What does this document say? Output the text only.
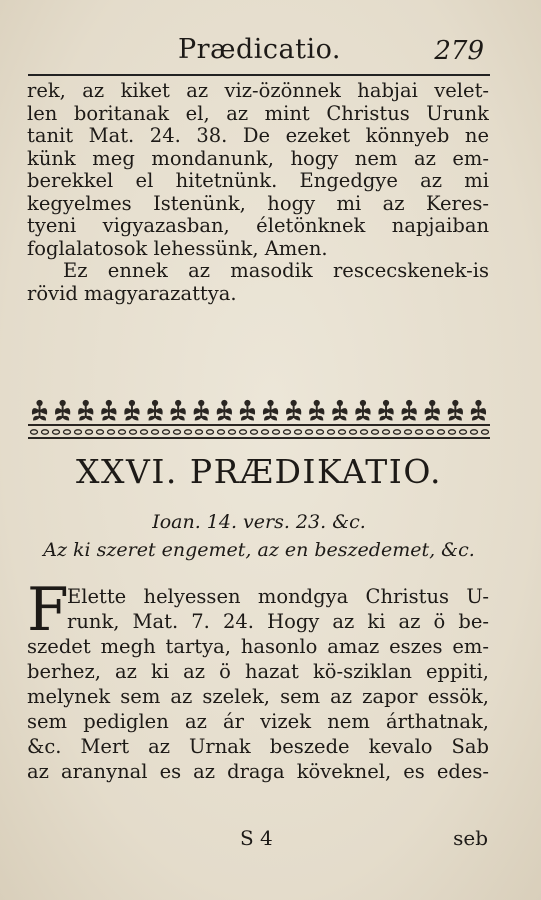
Prædicatio.	279
rek, az kiket az viz-özönnek habjai velet-
len boritanak el, az mint Christus Urunk
tanit Mat. 24. 38. De ezeket könnyeb ne
künk meg mondanunk, hogy nem az em-
berekkel el hitetnünk. Engedgye az mi
kegyelmes Istenünk, hogy mi az Keres-
tyeni vigyazasban, életönknek napjaiban
foglalatosok lehessünk, Amen.
Ez ennek az masodik rescecskenek-is
rövid magyarazattya.
XXVI. PRÆDIKATIO.
Ioan. 14. vers. 23. &c.
Az ki szeret engemet, az en beszedemet, &c.
F
Elette helyessen mondgya Christus U-
runk, Mat. 7. 24. Hogy az ki az ö be-
szedet megh tartya, hasonlo amaz eszes em-
berhez, az ki az ö hazat kö-sziklan eppiti,
melynek sem az szelek, sem az zapor essök,
sem pediglen az ár vizek nem árthatnak,
&c. Mert az Urnak beszede kevalo Sab
az aranynal es az draga köveknel, es edes-
S 4	seb
